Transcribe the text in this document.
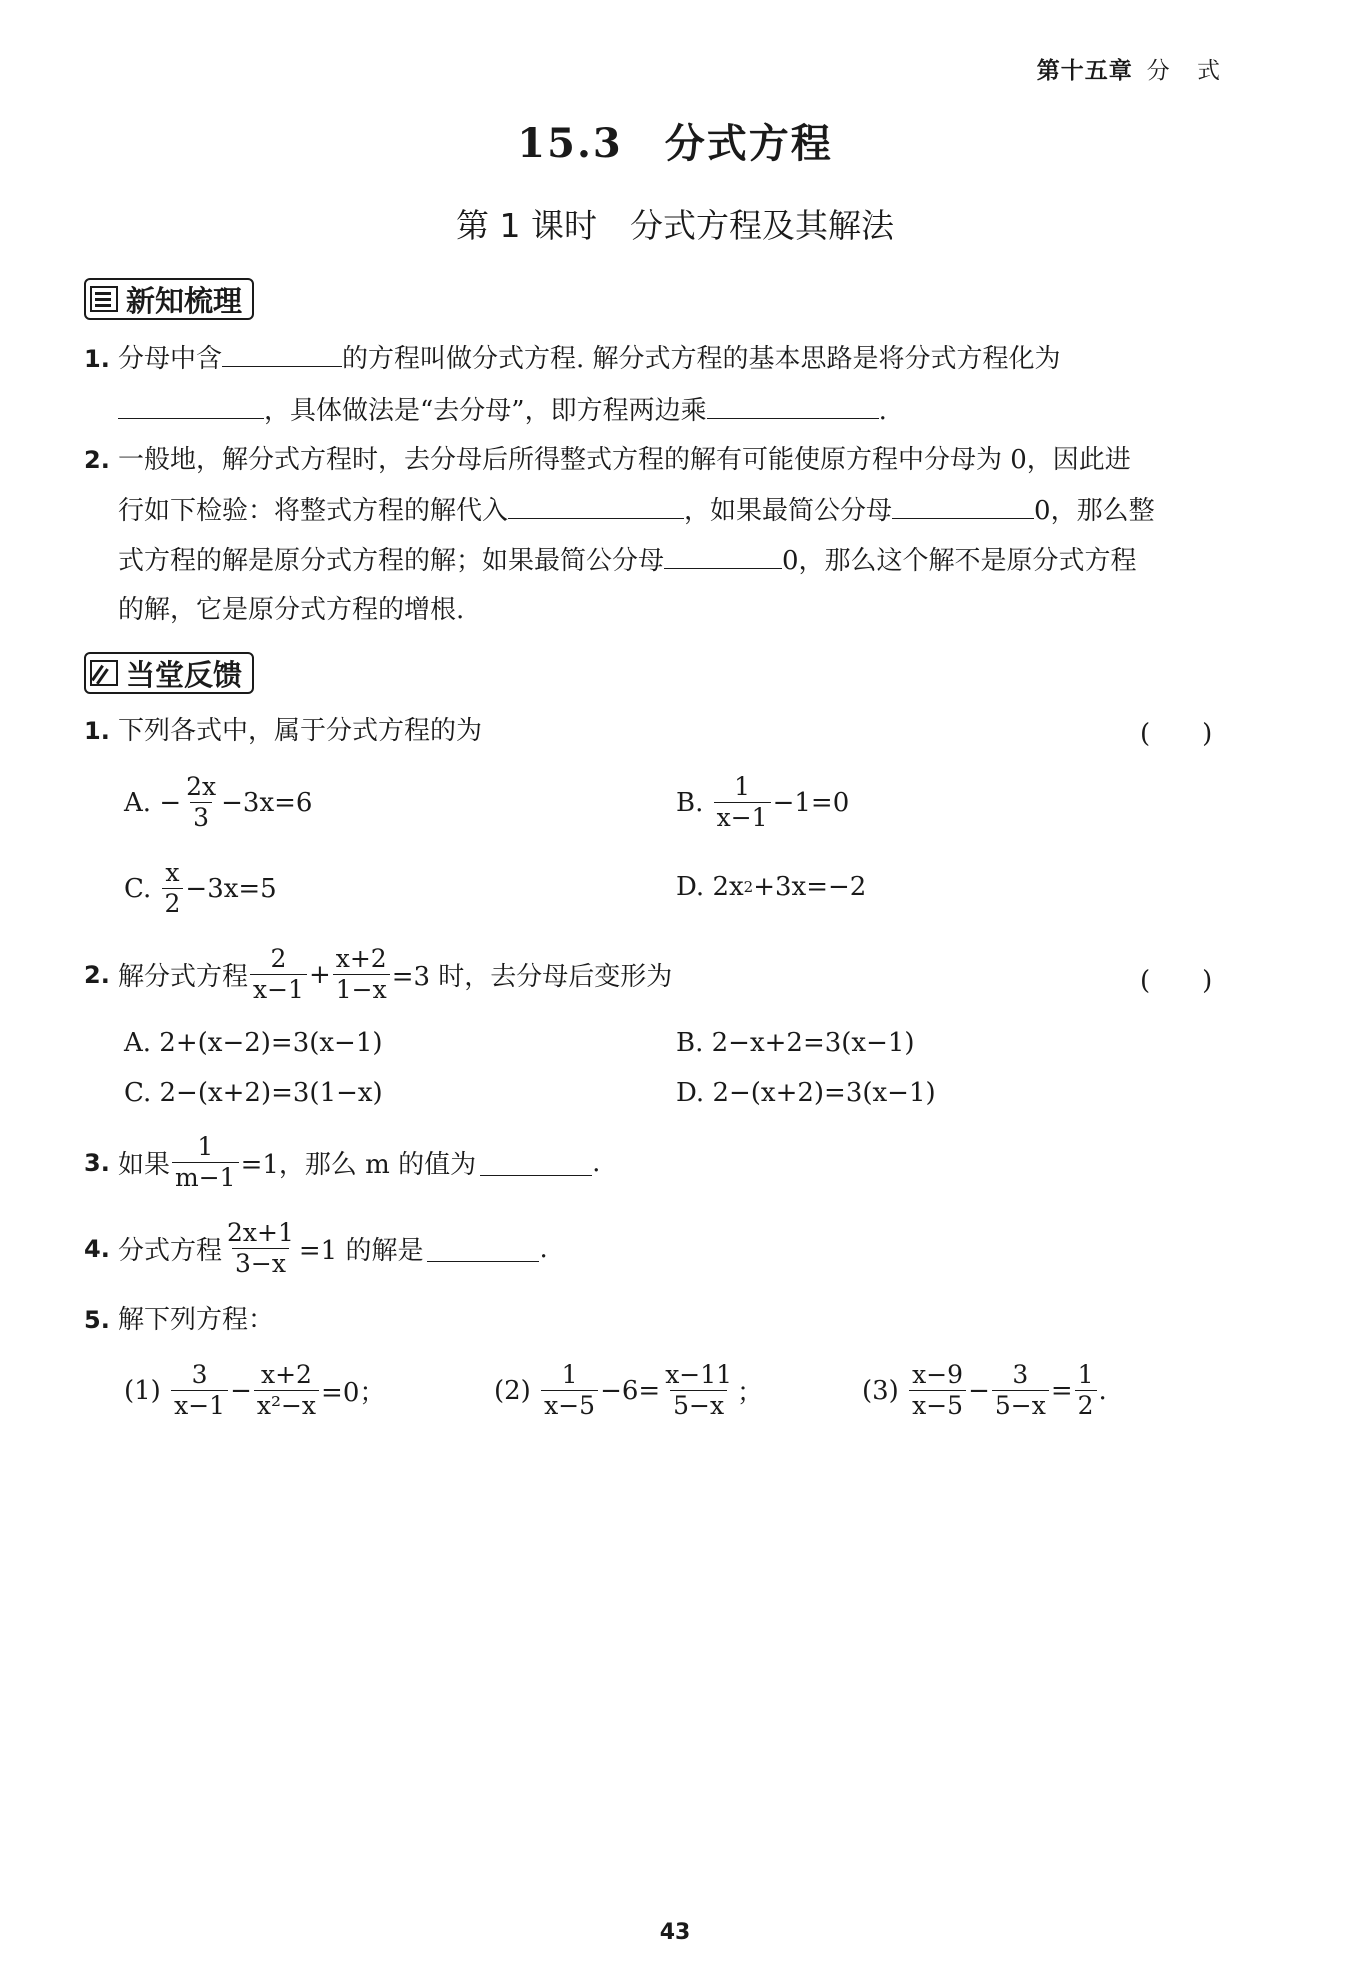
第十五章 分 式
15.3　分式方程
第 1 课时　分式方程及其解法
新知梳理
1. 分母中含	的方程叫做分式方程. 解分式方程的基本思路是将分式方程化为
，具体做法是“去分母”，即方程两边乘	.
2. 一般地，解分式方程时，去分母后所得整式方程的解有可能使原方程中分母为 0，因此进
行如下检验：将整式方程的解代入	，如果最简公分母	0，那么整
式方程的解是原分式方程的解；如果最简公分母	0，那么这个解不是原分式方程
的解，它是原分式方程的增根.
当堂反馈
1. 下列各式中，属于分式方程的为	(　　)
A.
− $\frac{2x}{3} -3x=6$	B.
$\frac{1}{x-1} -1=0$
C.
$\frac{x}{2} -3x=5$	D.
2x 2 +3x=−2
2. 解分式方程 $\frac{2}{x-1} + \frac{x+2}{1-x} =3$ 时，去分母后变形为	(　　)
A. 2+(x−2)=3(x−1)	B. 2−x+2=3(x−1)
C. 2−(x+2)=3(1−x)	D. 2−(x+2)=3(x−1)
3. 如果 $\frac{1}{m-1} =1$，那么 m 的值为	.
4. 分式方程 $\frac{2x+1}{3-x} =1$ 的解是	.
5. 解下列方程：
(1)
$\frac{3}{x-1} - \frac{x+2}{\text{x²−x}} =0$；	(2)
$\frac{1}{x-5} -6= \frac{x-11}{5-x}$ ；	(3)
$\frac{x-9}{x-5} - \frac{3}{5-x} = \frac{1}{2}$ .
43
